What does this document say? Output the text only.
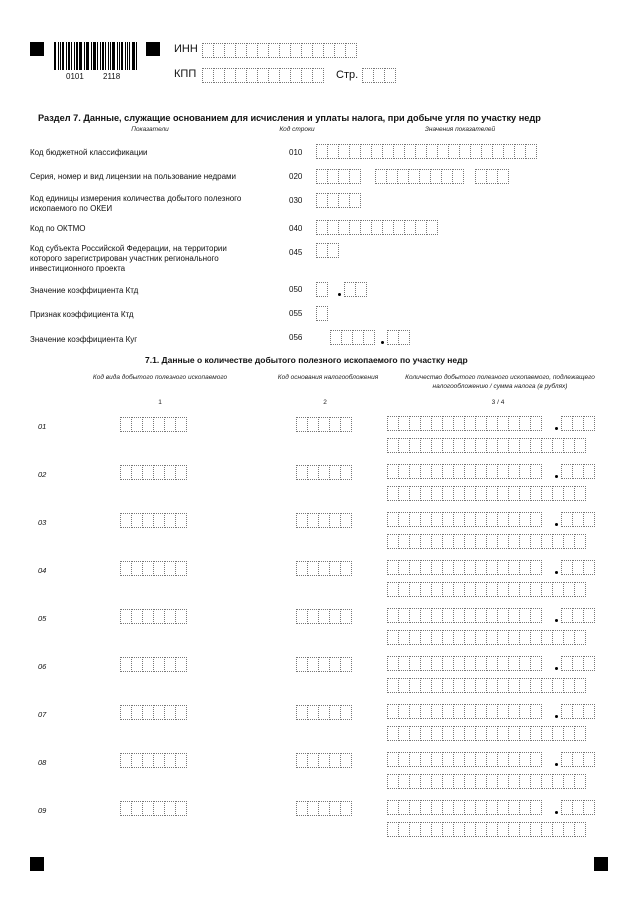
0101 2118
ИНН
КПП	Стр.
Раздел 7. Данные, служащие основанием для исчисления и уплаты налога, при добыче угля по участку недр
Показатели	Код строки	Значения показателей
Код бюджетной классификации	010
Серия, номер и вид лицензии на пользование недрами	020
Код единицы измерения количества добытого полезного ископаемого по ОКЕИ
030
Код по ОКТМО	040
Код субъекта Российской Федерации, на территории которого зарегистрирован участник регионального инвестиционного проекта
045
Значение коэффициента Ктд	050
Признак коэффициента Ктд	055
Значение коэффициента Куг	056
7.1. Данные о количестве добытого полезного ископаемого по участку недр
Код вида добытого полезного ископаемого	Код основания налогообложения	Количество добытого полезного ископаемого, подлежащего налогообложению / сумма налога (в рублях)
1	2	3 / 4
01
02
03
04
05
06
07
08
09
